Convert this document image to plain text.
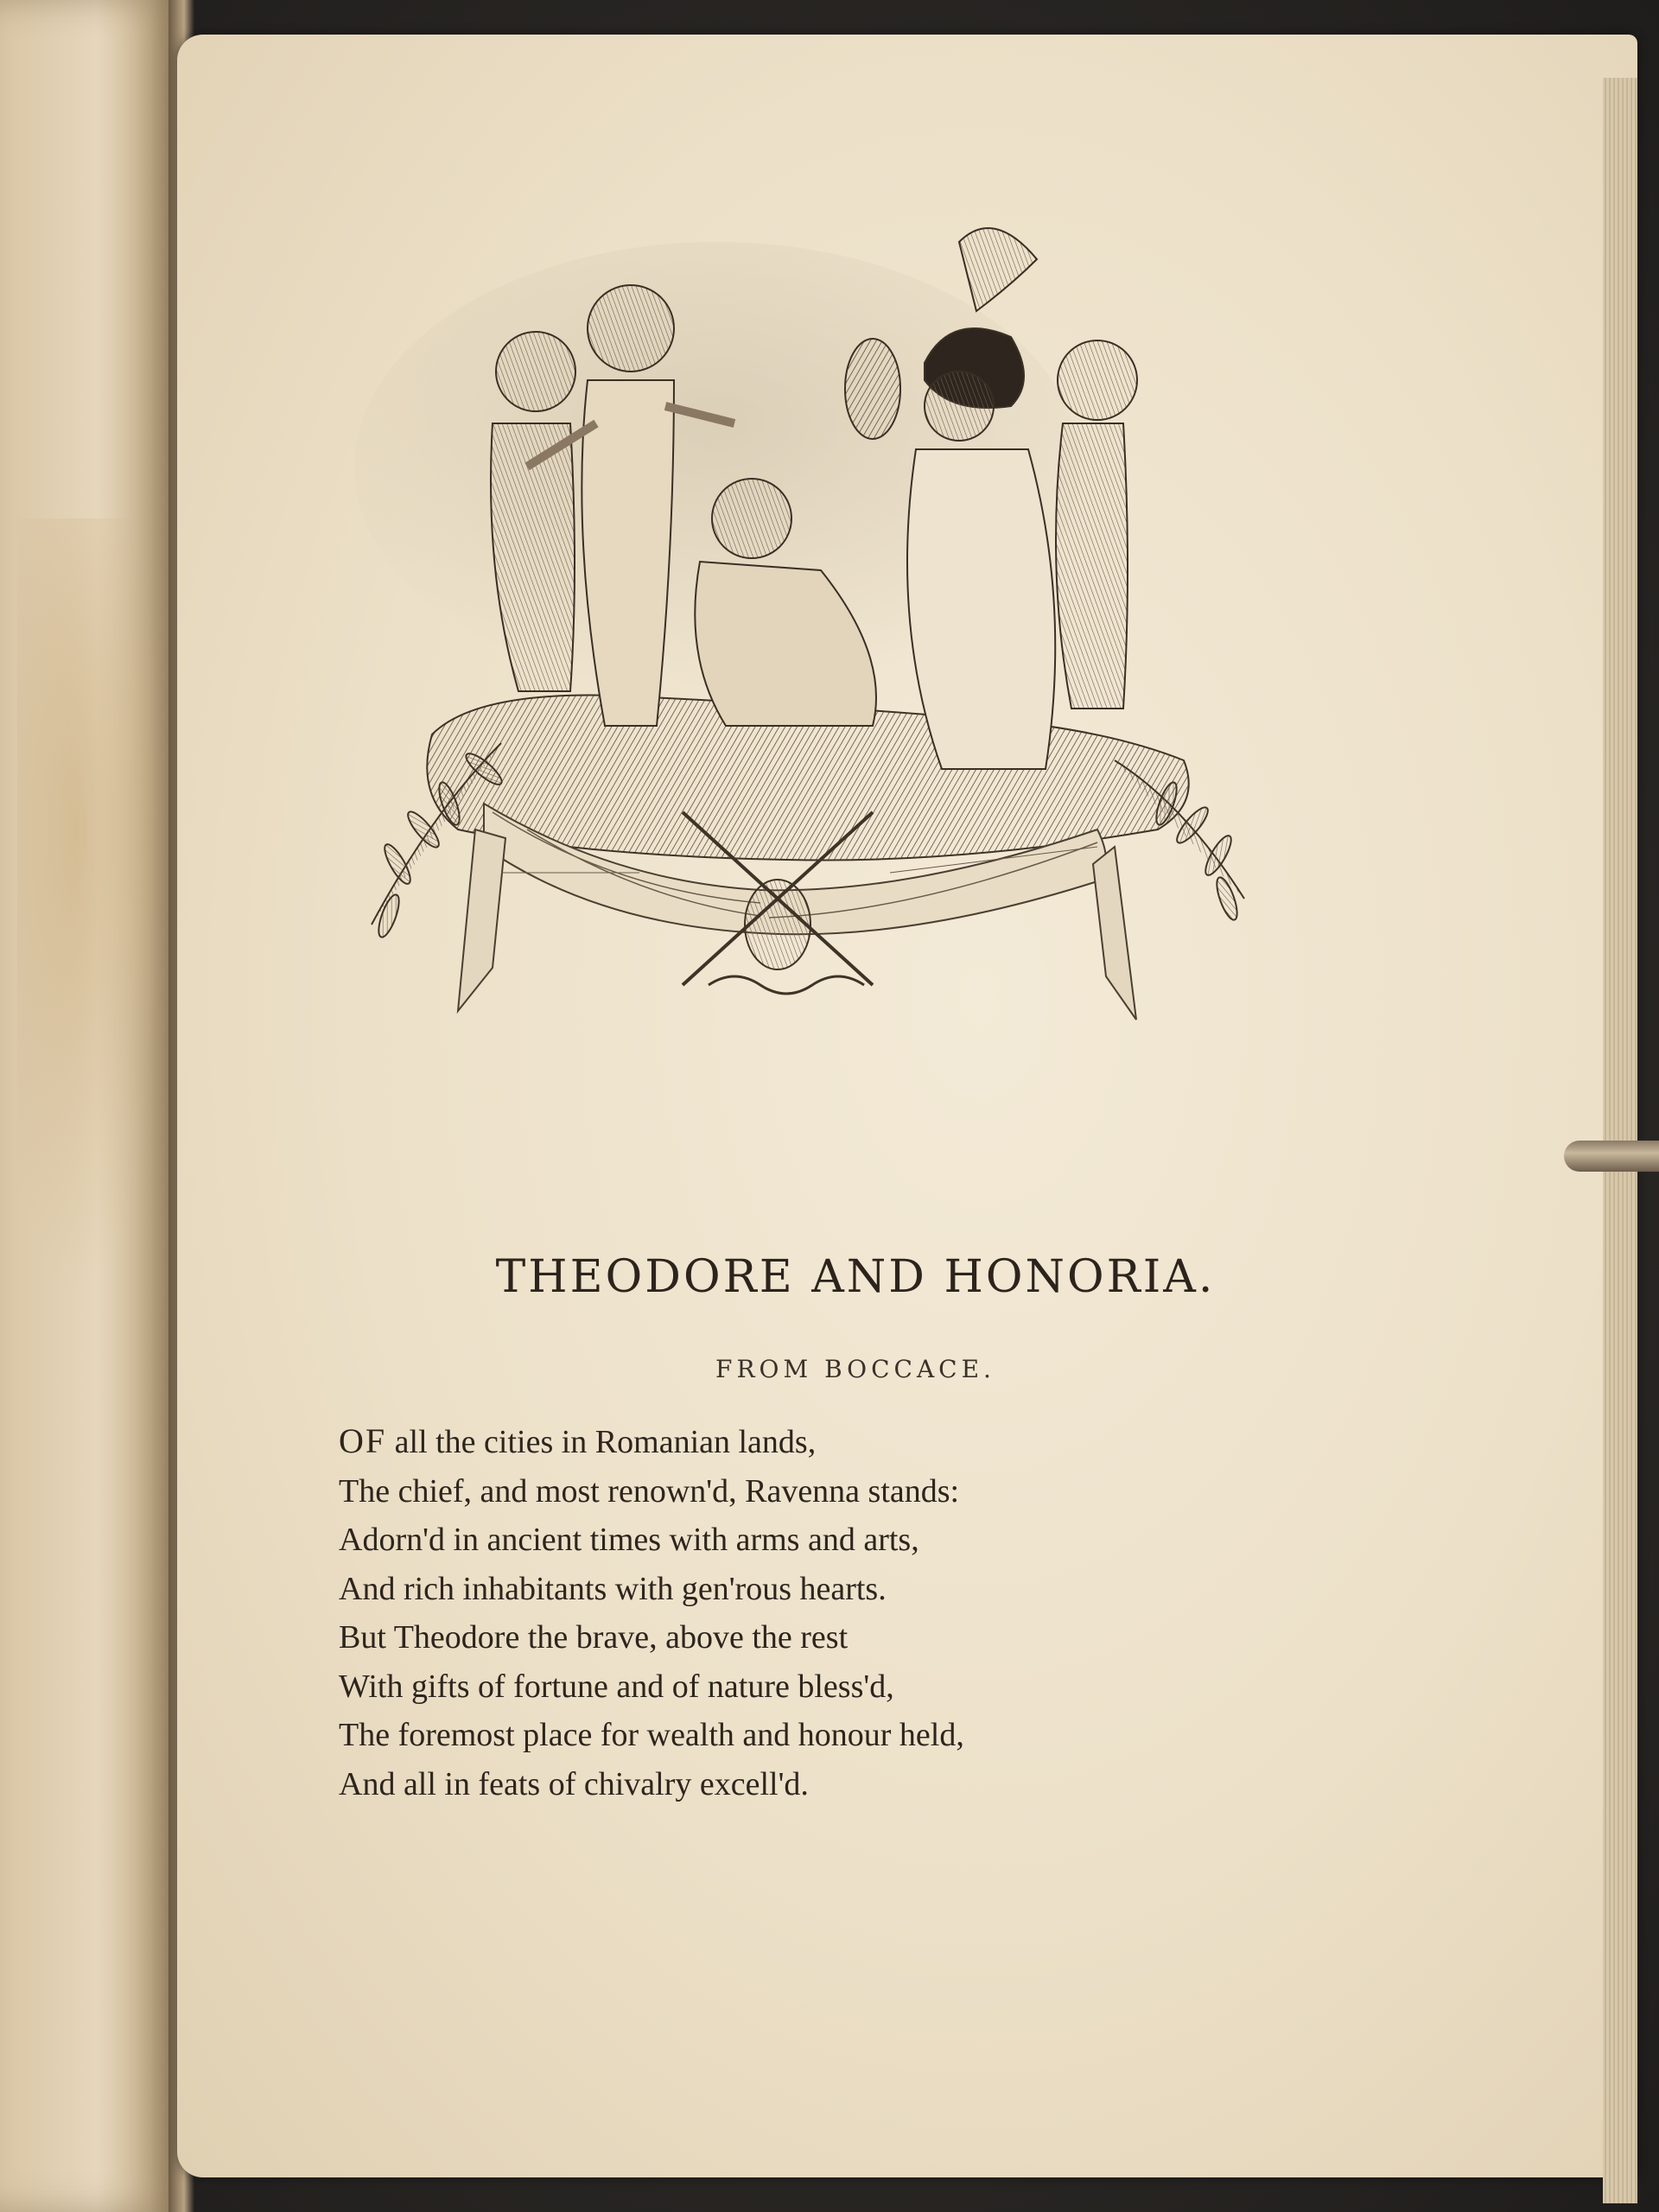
THEODORE AND HONORIA.
FROM BOCCACE.
OF all the cities in Romanian lands,
The chief, and most renown'd, Ravenna stands:
Adorn'd in ancient times with arms and arts,
And rich inhabitants with gen'rous hearts.
But Theodore the brave, above the rest
With gifts of fortune and of nature bless'd,
The foremost place for wealth and honour held,
And all in feats of chivalry excell'd.
